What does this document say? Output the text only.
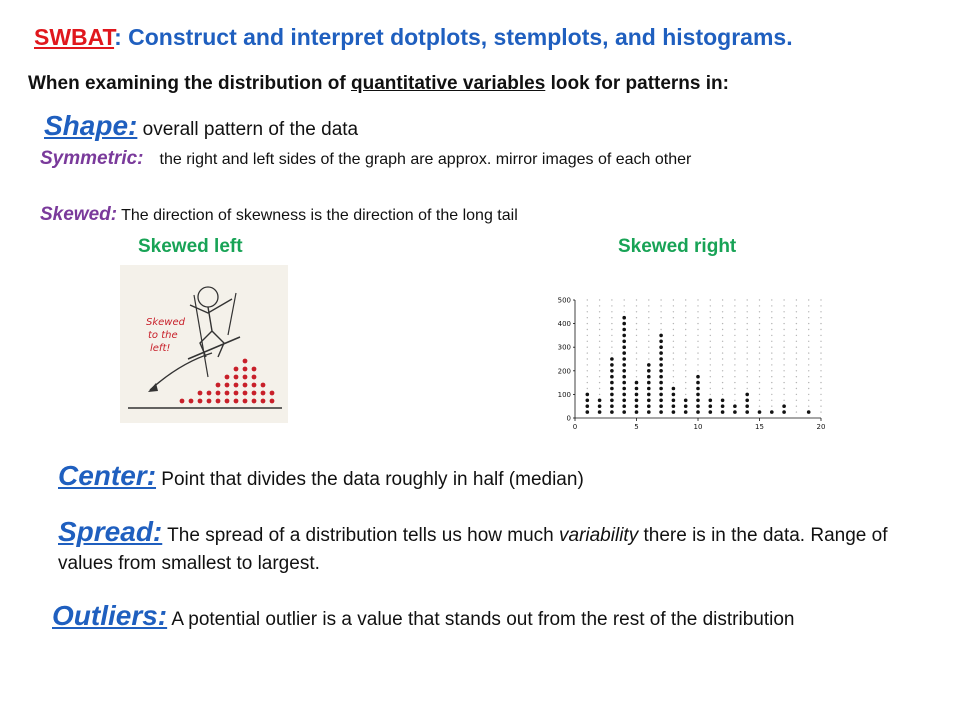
SWBAT: Construct and interpret dotplots, stemplots, and histograms.
When examining the distribution of quantitative variables look for patterns in:
Shape: overall pattern of the data
Symmetric: the right and left sides of the graph are approx. mirror images of each other
Skewed: The direction of skewness is the direction of the long tail
Skewed left	Skewed right
Skewed
to the
left!
0
100
200
300
400
500
0	5	10	15	20
Center: Point that divides the data roughly in half (median)
Spread: The spread of a distribution tells us how much variability there is in the data. Range of values from smallest to largest.
Outliers: A potential outlier is a value that stands out from the rest of the distribution
